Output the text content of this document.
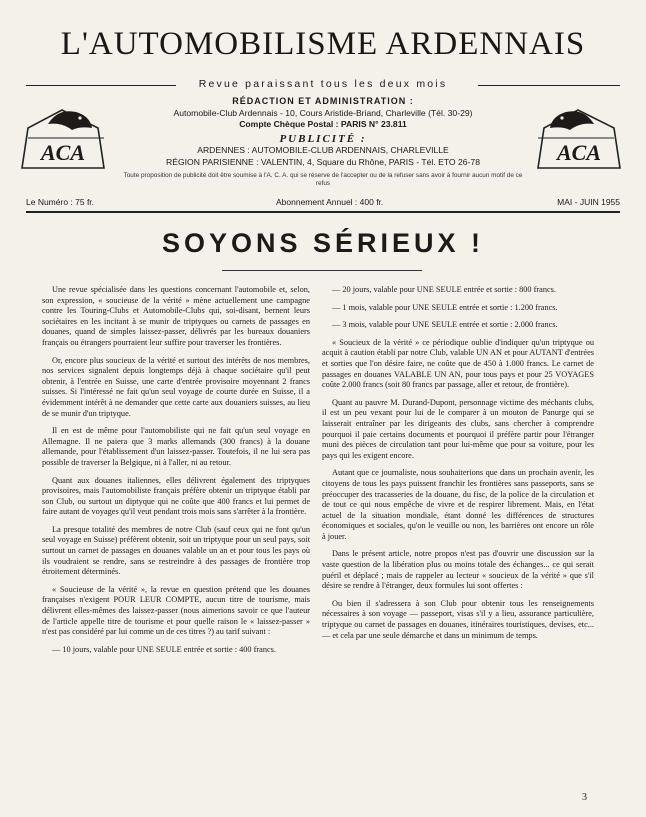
L'AUTOMOBILISME ARDENNAIS
Revue paraissant tous les deux mois
ACA
RÉDACTION ET ADMINISTRATION :
Automobile-Club Ardennais - 10, Cours Aristide-Briand, Charleville (Tél. 30-29)
Compte Chèque Postal : PARIS N° 23.811
PUBLICITÉ :
ARDENNES : AUTOMOBILE-CLUB ARDENNAIS, CHARLEVILLE
RÉGION PARISIENNE : VALENTIN, 4, Square du Rhône, PARIS - Tél. ETO 26-78
Toute proposition de publicité doit être soumise à l'A. C. A. qui se réserve de l'accepter ou de la refuser sans avoir à fournir aucun motif de ce refus
ACA
Le Numéro : 75 fr.	Abonnement Annuel : 400 fr.	MAI - JUIN 1955
SOYONS SÉRIEUX !

Une revue spécialisée dans les questions concernant l'automobile et, selon, son expression, « soucieuse de la vérité » mène actuellement une campagne contre les Touring-Clubs et Automobile-Clubs qui, soi-disant, bernent leurs sociétaires en les incitant à se munir de triptyques ou carnets de passages en douanes, quand de simples laissez-passer, délivrés par les bureaux douaniers français ou étrangers pourraient leur suffire pour traverser les frontières.

Or, encore plus soucieux de la vérité et surtout des intérêts de nos membres, nos services signalent depuis longtemps déjà à chaque sociétaire qu'il peut obtenir, à l'entrée en Suisse, une carte d'entrée provisoire moyennant 2 francs suisses. Si l'intéressé ne fait qu'un seul voyage de courte durée en Suisse, il a évidemment intérêt à ne demander que cette carte aux douaniers suisses, au lieu de se munir d'un triptyque.

Il en est de même pour l'automobiliste qui ne fait qu'un seul voyage en Allemagne. Il ne paiera que 3 marks allemands (300 francs) à la douane allemande, pour l'établissement d'un laissez-passer. Toutefois, il ne lui sera pas possible de traverser la Belgique, ni à l'aller, ni au retour.

Quant aux douanes italiennes, elles délivrent également des triptyques provisoires, mais l'automobiliste français préfère obtenir un triptyque établi par son Club, ou surtout un diptyque qui ne coûte que 400 francs et lui permet de faire autant de voyages qu'il veut pendant trois mois sans s'arrêter à la frontière.

La presque totalité des membres de notre Club (sauf ceux qui ne font qu'un seul voyage en Suisse) préfèrent obtenir, soit un triptyque pour un seul pays, soit surtout un carnet de passages en douanes valable un an et pour tous les pays où ils voudraient se rendre, sans se restreindre à des passages de frontière trop étroitement déterminés.

« Soucieuse de la vérité », la revue en question prétend que les douanes françaises n'exigent POUR LEUR COMPTE, aucun titre de tourisme, mais délivrent elles-mêmes des laissez-passer (nous aimerions savoir ce que l'auteur de l'article appelle titre de tourisme et pour quelle raison le « laissez-passer » n'est pas considéré par lui comme un de ces titres ?) au tarif suivant :

— 10 jours, valable pour UNE SEULE entrée et sortie : 400 francs.

— 20 jours, valable pour UNE SEULE entrée et sortie : 800 francs.

— 1 mois, valable pour UNE SEULE entrée et sortie : 1.200 francs.

— 3 mois, valable pour UNE SEULE entrée et sortie : 2.000 francs.

« Soucieux de la vérité » ce périodique oublie d'indiquer qu'un triptyque ou acquit à caution établi par notre Club, valable UN AN et pour AUTANT d'entrées et sorties que l'on désire faire, ne coûte que de 450 à 1.000 francs. Le carnet de passages en douanes VALABLE UN AN, pour tous pays et pour 25 VOYAGES coûte 2.000 francs (soit 80 francs par passage, aller et retour, de frontière).

Quant au pauvre M. Durand-Dupont, personnage victime des méchants clubs, il est un peu vexant pour lui de le comparer à un mouton de Panurge qui se laisserait entraîner par les dirigeants des clubs, sans chercher à comprendre pourquoi il paie certains documents et pourquoi il préfère partir pour l'étranger muni des pièces de circulation tant pour lui-même que pour sa voiture, pour les pays qui les exigent encore.

Autant que ce journaliste, nous souhaiterions que dans un prochain avenir, les citoyens de tous les pays puissent franchir les frontières sans passeports, sans se préoccuper des tracasseries de la douane, du fisc, de la police de la circulation et de tout ce qui nous empêche de vivre et de respirer librement. Mais, en l'état actuel de la situation mondiale, étant donné les différences de structures économiques et sociales, qu'on le veuille ou non, les barrières ont encore un rôle à jouer.

Dans le présent article, notre propos n'est pas d'ouvrir une discussion sur la vaste question de la libération plus ou moins totale des échanges... ce qui serait puéril et déplacé ; mais de rappeler au lecteur « soucieux de la vérité » que s'il désire se rendre à l'étranger, deux formules lui sont offertes :

Ou bien il s'adressera à son Club pour obtenir tous les renseignements nécessaires à son voyage — passeport, visas s'il y a lieu, assurance particulière, triptyque ou carnet de passages en douanes, itinéraires touristiques, devises, etc... — et cela par une seule démarche et dans un minimum de temps.

3
